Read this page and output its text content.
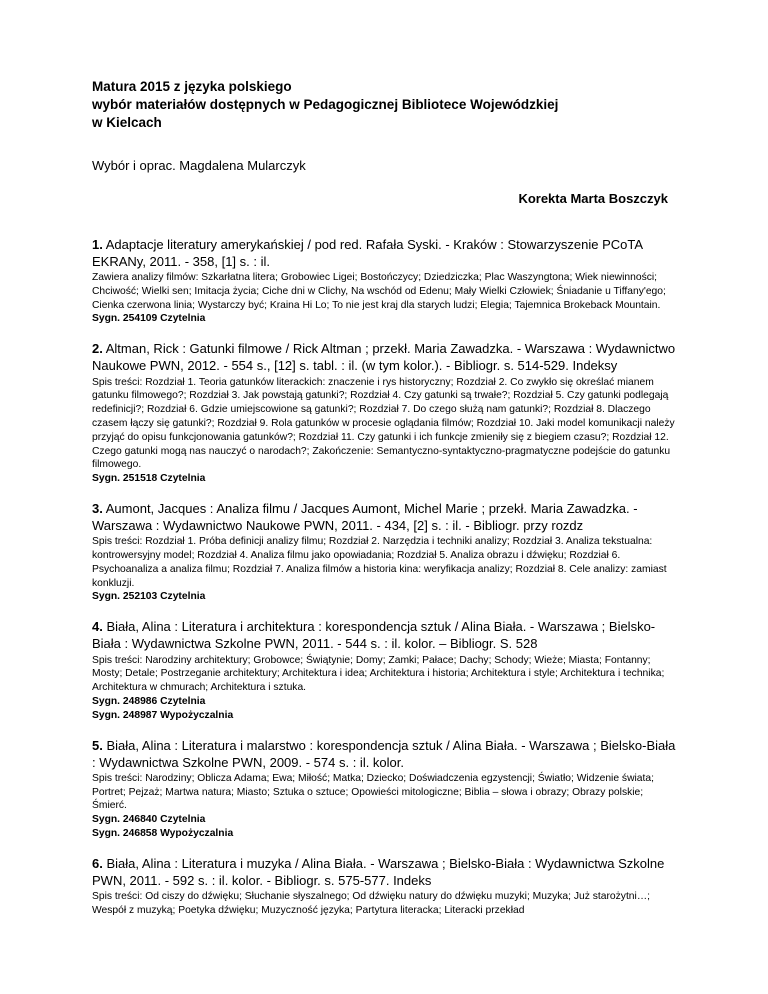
Matura 2015 z języka polskiego
wybór materiałów dostępnych w Pedagogicznej Bibliotece Wojewódzkiej
w Kielcach
Wybór i oprac. Magdalena Mularczyk
Korekta Marta Boszczyk

1. Adaptacje literatury amerykańskiej / pod red. Rafała Syski. - Kraków : Stowarzyszenie PCoTA EKRANy, 2011. - 358, [1] s. : il.

Zawiera analizy filmów: Szkarłatna litera; Grobowiec Ligei; Bostończycy; Dziedziczka; Plac Waszyngtona; Wiek niewinności; Chciwość; Wielki sen; Imitacja życia; Ciche dni w Clichy, Na wschód od Edenu; Mały Wielki Człowiek; Śniadanie u Tiffany'ego; Cienka czerwona linia; Wystarczy być; Kraina Hi Lo; To nie jest kraj dla starych ludzi; Elegia; Tajemnica Brokeback Mountain.

Sygn. 254109 Czytelnia

2. Altman, Rick : Gatunki filmowe / Rick Altman ; przekł. Maria Zawadzka. - Warszawa : Wydawnictwo Naukowe PWN, 2012. - 554 s., [12] s. tabl. : il. (w tym kolor.). - Bibliogr. s. 514-529. Indeksy

Spis treści: Rozdział 1. Teoria gatunków literackich: znaczenie i rys historyczny; Rozdział 2. Co zwykło się określać mianem gatunku filmowego?; Rozdział 3. Jak powstają gatunki?; Rozdział 4. Czy gatunki są trwałe?; Rozdział 5. Czy gatunki podlegają redefinicji?; Rozdział 6. Gdzie umiejscowione są gatunki?; Rozdział 7. Do czego służą nam gatunki?; Rozdział 8. Dlaczego czasem łączy się gatunki?; Rozdział 9. Rola gatunków w procesie oglądania filmów; Rozdział 10. Jaki model komunikacji należy przyjąć do opisu funkcjonowania gatunków?; Rozdział 11. Czy gatunki i ich funkcje zmieniły się z biegiem czasu?; Rozdział 12. Czego gatunki mogą nas nauczyć o narodach?; Zakończenie: Semantyczno-syntaktyczno-pragmatyczne podejście do gatunku filmowego.

Sygn. 251518 Czytelnia

3. Aumont, Jacques : Analiza filmu / Jacques Aumont, Michel Marie ; przekł. Maria Zawadzka. - Warszawa : Wydawnictwo Naukowe PWN, 2011. - 434, [2] s. : il. - Bibliogr. przy rozdz

Spis treści: Rozdział 1. Próba definicji analizy filmu; Rozdział 2. Narzędzia i techniki analizy; Rozdział 3. Analiza tekstualna: kontrowersyjny model; Rozdział 4. Analiza filmu jako opowiadania; Rozdział 5. Analiza obrazu i dźwięku; Rozdział 6. Psychoanaliza a analiza filmu; Rozdział 7. Analiza filmów a historia kina: weryfikacja analizy; Rozdział 8. Cele analizy: zamiast konkluzji.

Sygn. 252103 Czytelnia

4. Biała, Alina : Literatura i architektura : korespondencja sztuk / Alina Biała. - Warszawa ; Bielsko-Biała : Wydawnictwa Szkolne PWN, 2011. - 544 s. : il. kolor. – Bibliogr. S. 528

Spis treści: Narodziny architektury; Grobowce; Świątynie; Domy; Zamki; Pałace; Dachy; Schody; Wieże; Miasta; Fontanny; Mosty; Detale; Postrzeganie architektury; Architektura i idea; Architektura i historia; Architektura i style; Architektura i technika; Architektura w chmurach; Architektura i sztuka.

Sygn. 248986 Czytelnia

Sygn. 248987 Wypożyczalnia

5. Biała, Alina : Literatura i malarstwo : korespondencja sztuk / Alina Biała. - Warszawa ; Bielsko-Biała : Wydawnictwa Szkolne PWN, 2009. - 574 s. : il. kolor.

Spis treści: Narodziny; Oblicza Adama; Ewa; Miłość; Matka; Dziecko; Doświadczenia egzystencji; Światło; Widzenie świata; Portret; Pejzaż; Martwa natura; Miasto; Sztuka o sztuce; Opowieści mitologiczne; Biblia – słowa i obrazy; Obrazy polskie; Śmierć.

Sygn. 246840 Czytelnia

Sygn. 246858 Wypożyczalnia

6. Biała, Alina : Literatura i muzyka / Alina Biała. - Warszawa ; Bielsko-Biała : Wydawnictwa Szkolne PWN, 2011. - 592 s. : il. kolor. - Bibliogr. s. 575-577. Indeks

Spis treści: Od ciszy do dźwięku; Słuchanie słyszalnego; Od dźwięku natury do dźwięku muzyki; Muzyka; Już starożytni…; Wespół z muzyką; Poetyka dźwięku; Muzyczność języka; Partytura literacka; Literacki przekład
